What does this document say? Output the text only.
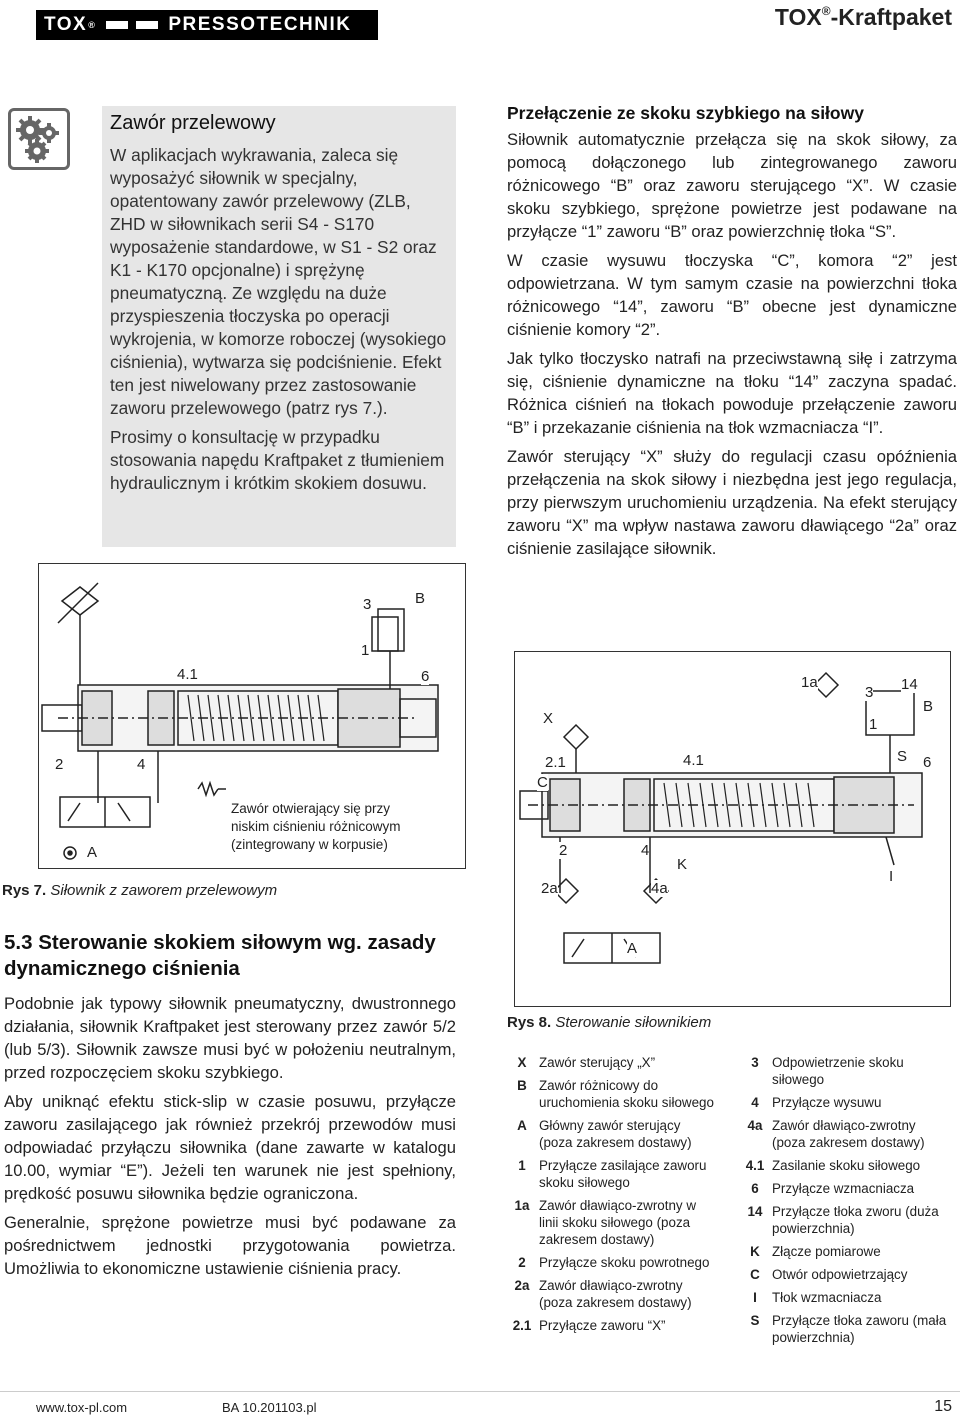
TOX ®	PRESSOTECHNIK	TOX®-Kraftpaket
Zawór przelewowy

W aplikacjach wykrawania, zaleca się wyposażyć siłownik w specjalny, opatentowany zawór przelewowy (ZLB, ZHD w siłownikach serii S4 - S170 wyposażenie standardowe, w S1 - S2 oraz K1 - K170 opcjonalne) i sprężynę pneumatyczną. Ze względu na duże przyspieszenia tłoczyska po operacji wykrojenia, w komorze roboczej (wysokiego ciśnienia), wytwarza się podciśnienie. Efekt ten jest niwelowany przez zastosowanie zaworu przelewowego (patrz rys 7.).

Prosimy o konsultację w przypadku stosowania napędu Kraftpaket z tłumieniem hydraulicznym i krótkim skokiem dosuwu.

Przełączenie ze skoku szybkiego na siłowy

Siłownik automatycznie przełącza się na skok siłowy, za pomocą dołączonego lub zintegrowanego zaworu różnicowego “B” oraz zaworu sterującego “X”. W czasie skoku szybkiego, sprężone powietrze jest podawane na przyłącze “1” zaworu “B” oraz powierzchnię tłoka “S”.

W czasie wysuwu tłoczyska “C”, komora “2” jest odpowietrzana. W tym samym czasie na powierzchni tłoka różnicowego “14”, zaworu “B” obecne jest dynamiczne ciśnienie komory “2”.

Jak tylko tłoczysko natrafi na przeciwstawną siłę i zatrzyma się, ciśnienie dynamiczne na tłoku “14” zaczyna spadać. Różnica ciśnień na tłokach powoduje przełączenie zaworu “B” i przekazanie ciśnienia na tłok wzmacniacza “I”.

Zawór sterujący “X” służy do regulacji czasu opóźnienia przełączenia na skok siłowy i niezbędna jest jego regulacja, przy pierwszym uruchomieniu urządzenia. Na efekt sterujący zaworu “X” ma wpływ nastawa zaworu dławiącego “2a” oraz ciśnienie zasilające siłownik.

3	B
1
4.1	6
2	4
A
Zawór otwierający się przy niskim ciśnieniu różnicowym (zintegrowany w korpusie)
Rys 7. Siłownik z zaworem przelewowym
1a
3 14
B
X	1
2.1	4.1	S 6
C
2	4
K
I
2a	4a
A
Rys 8. Sterowanie siłownikiem
5.3 Sterowanie skokiem siłowym wg. zasady dynamicznego ciśnienia

Podobnie jak typowy siłownik pneumatyczny, dwustronnego działania, siłownik Kraftpaket jest sterowany przez zawór 5/2 (lub 5/3). Siłownik zawsze musi być w położeniu neutralnym, przed rozpoczęciem skoku szybkiego.

Aby uniknąć efektu stick-slip w czasie posuwu, przyłącze zaworu zasilającego jak również przekrój przewodów musi odpowiadać przyłączu siłownika (dane zawarte w katalogu 10.00, wymiar “E”). Jeżeli ten warunek nie jest spełniony, prędkość posuwu siłownika będzie ograniczona.

Generalnie, sprężone powietrze musi być podawane za pośrednictwem jednostki przygotowania powietrza. Umożliwia to ekonomiczne ustawienie ciśnienia pracy.

X Zawór sterujący „X”
B Zawór różnicowy do uruchomienia skoku siłowego
A Główny zawór sterujący (poza zakresem dostawy)
1 Przyłącze zasilające zaworu skoku siłowego
1a Zawór dławiąco-zwrotny w linii skoku siłowego (poza zakresem dostawy)
2 Przyłącze skoku powrotnego
2a Zawór dławiąco-zwrotny (poza zakresem dostawy)
2.1 Przyłącze zaworu “X”
3 Odpowietrzenie skoku siłowego
4 Przyłącze wysuwu
4a Zawór dławiąco-zwrotny (poza zakresem dostawy)
4.1 Zasilanie skoku siłowego
6 Przyłącze wzmacniacza
14 Przyłącze tłoka zworu (duża powierzchnia)
K Złącze pomiarowe
C Otwór odpowietrzający
I	Tłok wzmacniacza
S Przyłącze tłoka zaworu (mała powierzchnia)
www.tox-pl.com	BA 10.201103.pl	15
